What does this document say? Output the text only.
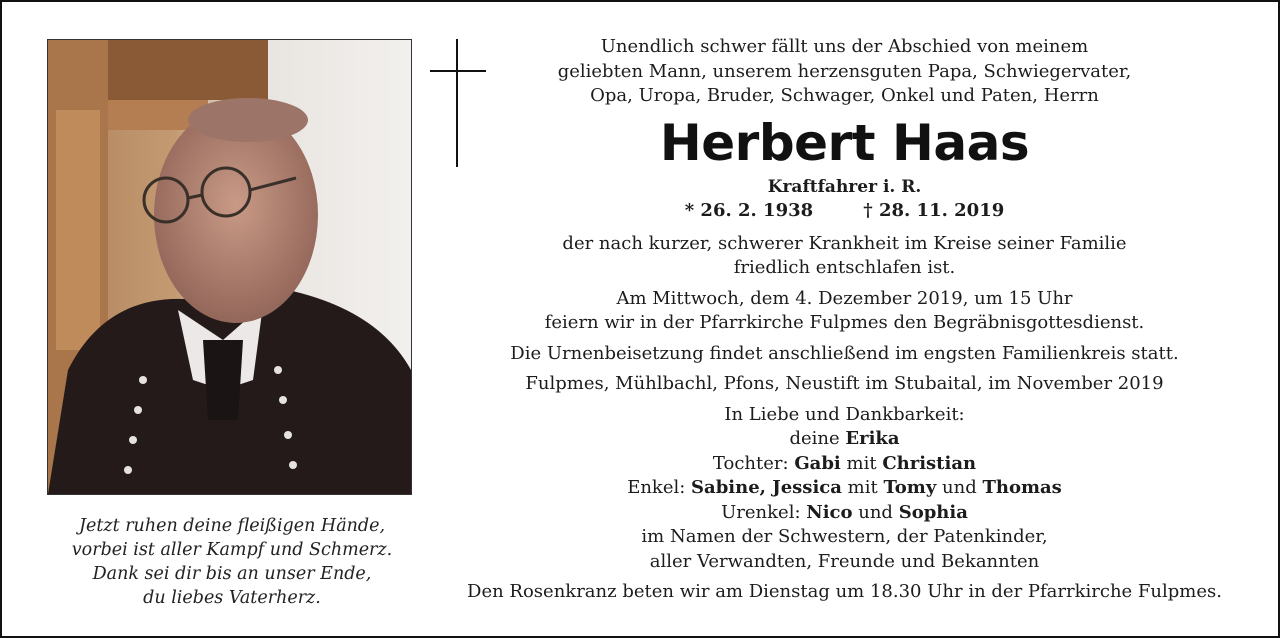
Jetzt ruhen deine fleißigen Hände,
vorbei ist aller Kampf und Schmerz.
Dank sei dir bis an unser Ende,
du liebes Vaterherz.

Unendlich schwer fällt uns der Abschied von meinem

geliebten Mann, unserem herzensguten Papa, Schwiegervater,

Opa, Uropa, Bruder, Schwager, Onkel und Paten, Herrn

Herbert Haas

Kraftfahrer i. R.

* 26. 2. 1938	† 28. 11. 2019

der nach kurzer, schwerer Krankheit im Kreise seiner Familie

friedlich entschlafen ist.

Am Mittwoch, dem 4. Dezember 2019, um 15 Uhr

feiern wir in der Pfarrkirche Fulpmes den Begräbnisgottesdienst.

Die Urnenbeisetzung findet anschließend im engsten Familienkreis statt.

Fulpmes, Mühlbachl, Pfons, Neustift im Stubaital, im November 2019

In Liebe und Dankbarkeit:

deine Erika

Tochter: Gabi mit Christian

Enkel: Sabine, Jessica mit Tomy und Thomas

Urenkel: Nico und Sophia

im Namen der Schwestern, der Patenkinder,

aller Verwandten, Freunde und Bekannten

Den Rosenkranz beten wir am Dienstag um 18.30 Uhr in der Pfarrkirche Fulpmes.
